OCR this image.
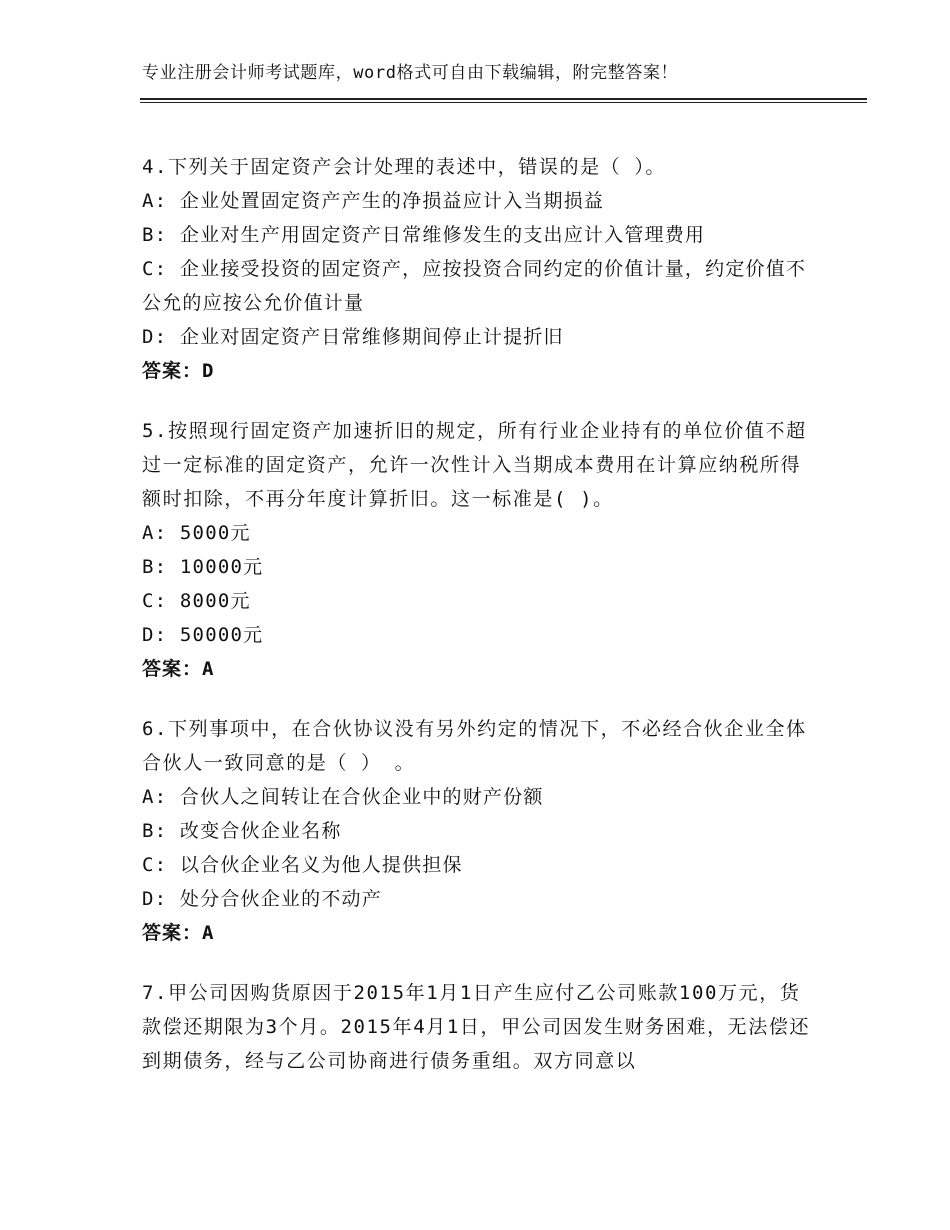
专业注册会计师考试题库，word格式可自由下载编辑，附完整答案！
4.下列关于固定资产会计处理的表述中，错误的是（ ）。
A: 企业处置固定资产产生的净损益应计入当期损益
B: 企业对生产用固定资产日常维修发生的支出应计入管理费用
C: 企业接受投资的固定资产，应按投资合同约定的价值计量，约定价值不公允的应按公允价值计量
D: 企业对固定资产日常维修期间停止计提折旧
答案：D
5.按照现行固定资产加速折旧的规定，所有行业企业持有的单位价值不超过一定标准的固定资产，允许一次性计入当期成本费用在计算应纳税所得额时扣除，不再分年度计算折旧。这一标准是( )。
A: 5000元
B: 10000元
C: 8000元
D: 50000元
答案：A
6.下列事项中，在合伙协议没有另外约定的情况下，不必经合伙企业全体合伙人一致同意的是（ ） 。
A: 合伙人之间转让在合伙企业中的财产份额
B: 改变合伙企业名称
C: 以合伙企业名义为他人提供担保
D: 处分合伙企业的不动产
答案：A
7.甲公司因购货原因于2015年1月1日产生应付乙公司账款100万元，货款偿还期限为3个月。2015年4月1日，甲公司因发生财务困难，无法偿还到期债务，经与乙公司协商进行债务重组。双方同意以
